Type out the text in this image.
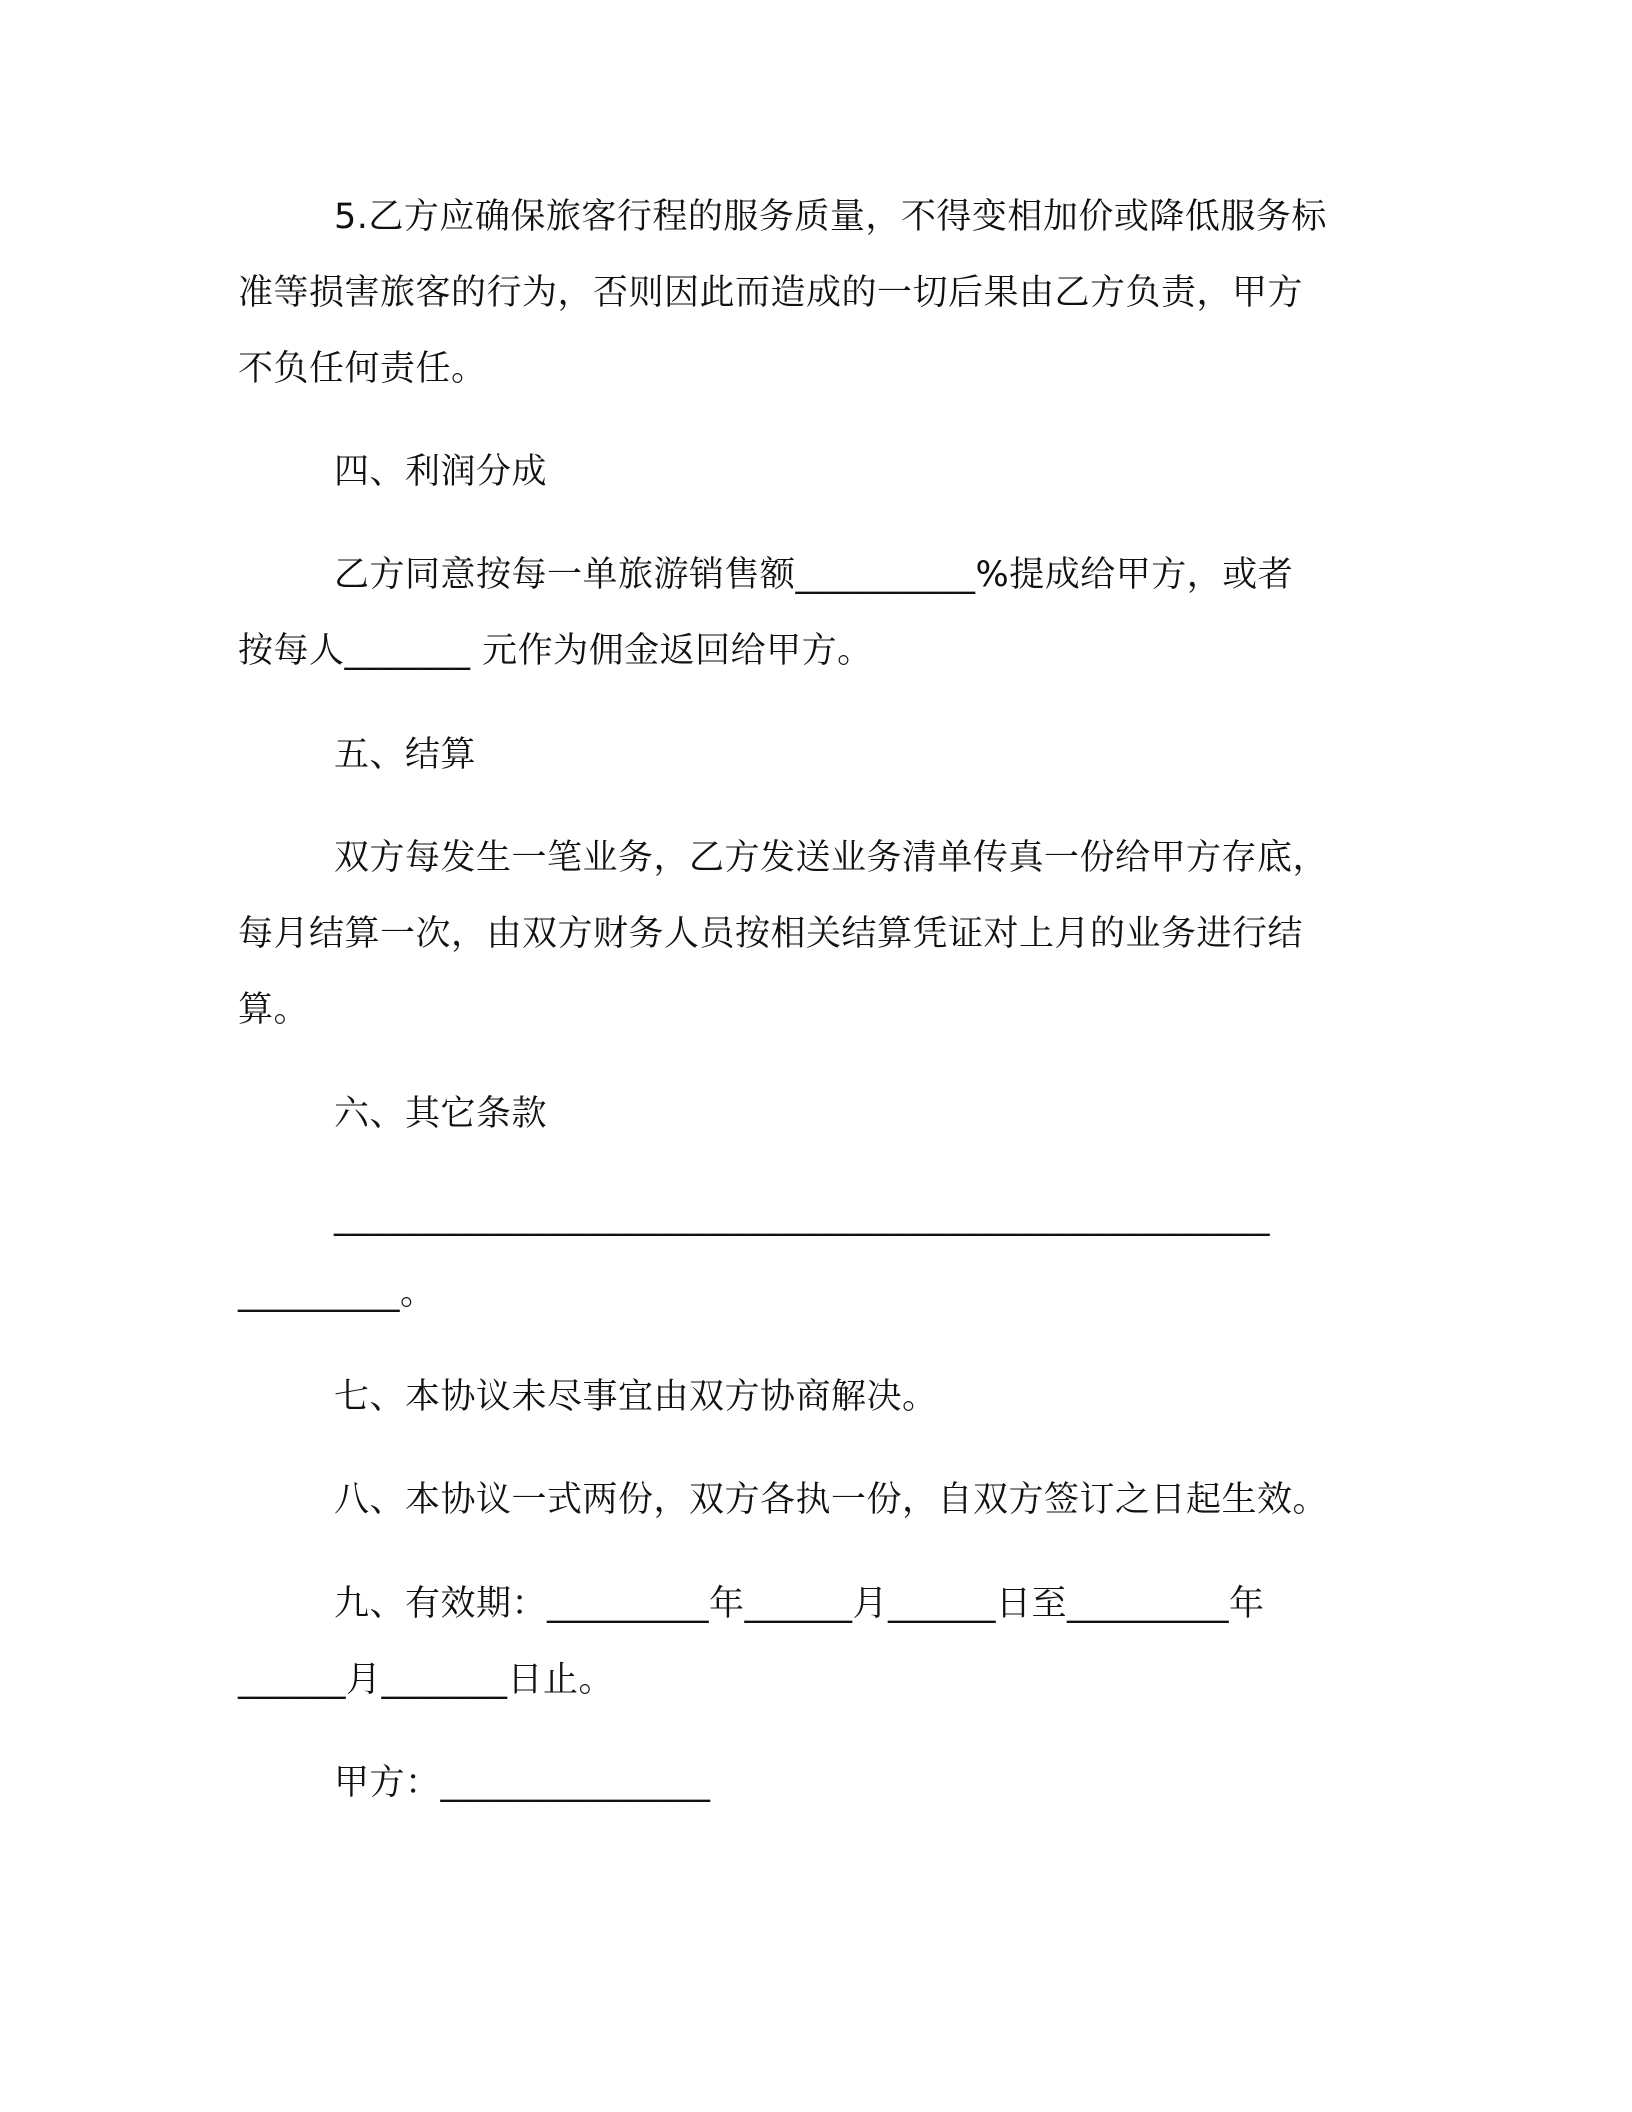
5.乙方应确保旅客行程的服务质量，不得变相加价或降低服务标
准等损害旅客的行为，否则因此而造成的一切后果由乙方负责，甲方
不负任何责任。
四、利润分成
乙方同意按每一单旅游销售额__________%提成给甲方，或者
按每人_______ 元作为佣金返回给甲方。
五、结算
双方每发生一笔业务，乙方发送业务清单传真一份给甲方存底，
每月结算一次，由双方财务人员按相关结算凭证对上月的业务进行结
算。
六、其它条款
____________________________________________________
_________。
七、本协议未尽事宜由双方协商解决。
八、本协议一式两份，双方各执一份，自双方签订之日起生效。
九、有效期：_________年______月______日至_________年
______月_______日止。
甲方：_______________
